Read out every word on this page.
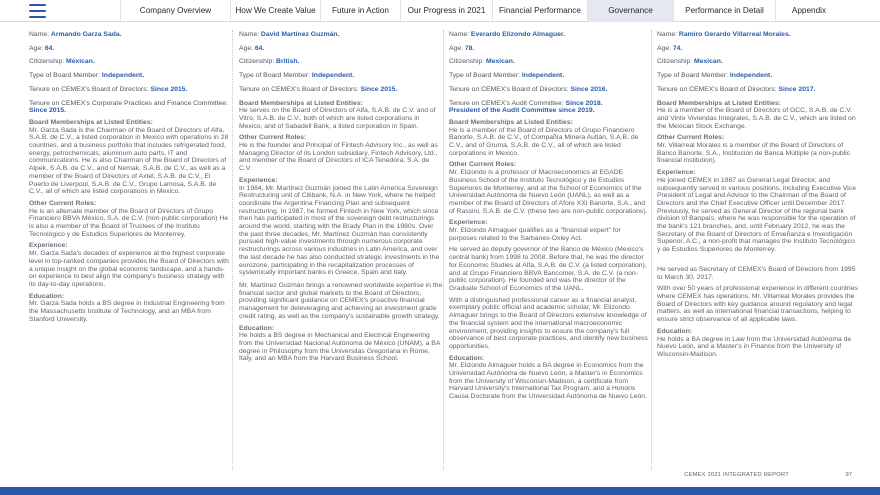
Company Overview	How We Create Value	Future in Action	Our Progress in 2021	Financial Performance	Governance	Performance in Detail	Appendix
Name: Armando Garza Sada.
Age: 64.
Citizenship: Mexican.
Type of Board Member: Independent.
Tenure on CEMEX's Board of Directors: Since 2015.
Tenure on CEMEX's Corporate Practices and Finance Committee: Since 2015.
Board Memberships at Listed Entities:
Mr. Garza Sada is the Chairman of the Board of Directors of Alfa, S.A.B. de C.V., a listed corporation in Mexico with operations in 28 countries, and a business portfolio that includes refrigerated food, energy, petrochemicals, aluminum auto parts, IT and communications. He is also Chairman of the Board of Directors of Alpek, S.A.B. de C.V., and of Nemak, S.A.B. de C.V., as well as a member of the Board of Directors of Axtel, S.A.B. de C.V., El Puerto de Liverpool, S.A.B. de C.V., Grupo Lamosa, S.A.B. de C.V., all of which are listed corporations in Mexico.
Other Current Roles:
He is an alternate member of the Board of Directors of Grupo Financiero BBVA México, S.A. de C.V. (non-public corporation) He is also a member of the Board of Trustees of the Instituto Tecnológico y de Estudios Superiores de Monterrey.
Experience:
Mr. Garza Sada's decades of experience at the highest corporate level in top-ranked companies provides the Board of Directors with a unique insight on the global economic landscape, and a hands-on experience to best align the company's business strategy with its day-to-day operations.
Education:
Mr. Garza Sada holds a BS degree in Industrial Engineering from the Massachusetts Institute of Technology, and an MBA from Stanford University.
Name: David Martínez Guzmán.
Age: 64.
Citizenship: British.
Type of Board Member: Independent.
Tenure on CEMEX's Board of Directors: Since 2015.
Board Memberships at Listed Entities:
He serves on the Board of Directors of Alfa, S.A.B. de C.V. and of Vitro, S.A.B. de C.V., both of which are listed corporations in Mexico, and of Sabadell Bank, a listed corporation in Spain.
Other Current Roles:
He is the founder and Principal of Fintech Advisory Inc., as well as Managing Director of its London subsidiary, Fintech Advisory, Ltd., and member of the Board of Directors of ICA Tenedora, S.A. de C.V.
Experience:
In 1984, Mr. Martínez Guzmán joined the Latin America Sovereign Restructuring unit of Citibank, N.A. in New York, where he helped coordinate the Argentina Financing Plan and subsequent restructuring. In 1987, he formed Fintech in New York, which since then has participated in most of the sovereign debt restructurings around the world, starting with the Brady Plan in the 1980s. Over the past three decades, Mr. Martínez Guzmán has consistently pursued high-value investments through numerous corporate restructurings across various industries in Latin America, and over the last decade he has also conducted strategic investments in the eurozone, participating in the recapitalization processes of systemically important banks in Greece, Spain and Italy.
Mr. Martínez Guzmán brings a renowned worldwide expertise in the financial sector and global markets to the Board of Directors, providing significant guidance on CEMEX's proactive financial management for deleveraging and achieving an investment grade credit rating, as well as the company's sustainable growth strategy.
Education:
He holds a BS degree in Mechanical and Electrical Engineering from the Universidad Nacional Autónoma de México (UNAM), a BA degree in Philosophy from the Universitas Gregoriana in Rome, Italy, and an MBA from the Harvard Business School.
Name: Everardo Elizondo Almaguer.
Age: 78.
Citizenship: Mexican.
Type of Board Member: Independent.
Tenure on CEMEX's Board of Directors: Since 2016.
Tenure on CEMEX's Audit Committee: Since 2018.
President of the Audit Committee since 2019.
Board Memberships at Listed Entities:
He is a member of the Board of Directors of Grupo Financiero Banorte, S.A.B. de C.V., of Compañía Minera Autlán, S.A.B. de C.V., and of Gruma, S.A.B. de C.V., all of which are listed corporations in Mexico.
Other Current Roles:
Mr. Elizondo is a professor of Macroeconomics at EGADE Business School of the Instituto Tecnológico y de Estudios Superiores de Monterrey, and at the School of Economics of the Universidad Autónoma de Nuevo León (UANL), as well as a member of the Board of Directors of Afore XXI Banorte, S.A., and of Rassini, S.A.B. de C.V. (these two are non-public corporations).
Experience:
Mr. Elizondo Almaguer qualifies as a "financial expert" for purposes related to the Sarbanes-Oxley Act.
He served as deputy governor of the Banco de México (Mexico's central bank) from 1998 to 2008. Before that, he was the director for Economic Studies at Alfa, S.A.B. de C.V. (a listed corporation), and at Grupo Financiero BBVA Bancomer, S.A. de C.V. (a non-public corporation). He founded and was the director of the Graduate School of Economics of the UANL.
With a distinguished professional career as a financial analyst, exemplary public official and academic scholar, Mr. Elizondo Almaguer brings to the Board of Directors extensive knowledge of the financial system and the international macroeconomic environment, providing insights to ensure the company's full observance of best corporate practices, and identify new business opportunities.
Education:
Mr. Elizondo Almaguer holds a BA degree in Economics from the Universidad Autónoma de Nuevo León, a Master's in Economics from the University of Wisconsin-Madison, a certificate from Harvard University's International Tax Program, and a Honoris Causa Doctorate from the Universidad Autónoma de Nuevo León.
Name: Ramiro Gerardo Villarreal Morales.
Age: 74.
Citizenship: Mexican.
Type of Board Member: Independent.
Tenure on CEMEX's Board of Directors: Since 2017.
Board Memberships at Listed Entities:
He is a member of the Board of Directors of GCC, S.A.B. de C.V. and Vinte Viviendas Integrales, S.A.B. de C.V., which are listed on the Mexican Stock Exchange.
Other Current Roles:
Mr. Villarreal Morales is a member of the Board of Directors of Banco Banorte, S.A., Institución de Banca Múltiple (a non-public financial institution).
Experience:
He joined CEMEX in 1987 as General Legal Director, and subsequently served in various positions, including Executive Vice President of Legal and Advisor to the Chairman of the Board of Directors and the Chief Executive Officer until December 2017. Previously, he served as General Director of the regional bank division of Banpaís, where he was responsible for the operation of the bank's 121 branches, and, until February 2012, he was the Secretary of the Board of Directors of Enseñanza e Investigación Superior, A.C., a non-profit that manages the Instituto Tecnológico y de Estudios Superiores de Monterrey.
He served as Secretary of CEMEX's Board of Directors from 1995 to March 30, 2017.
With over 50 years of professional experience in different countries where CEMEX has operations, Mr. Villarreal Morales provides the Board of Directors with key guidance around regulatory and legal matters, as well as international financial transactions, helping to ensure strict observance of all applicable laws.
Education:
He holds a BA degree in Law from the Universidad Autónoma de Nuevo León, and a Master's in Finance from the University of Wisconsin-Madison.
CEMEX 2021 INTEGRATED REPORT	97
